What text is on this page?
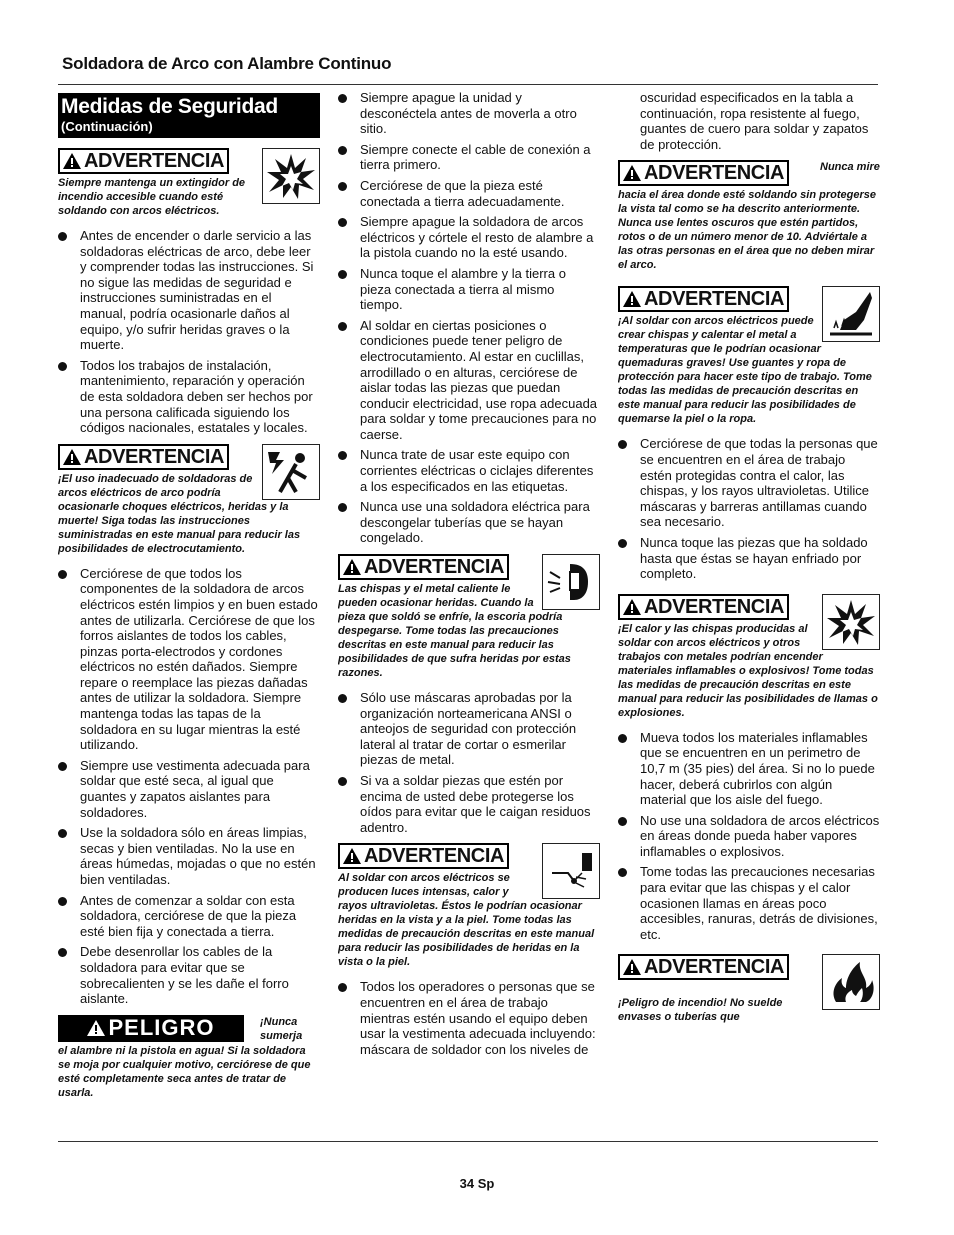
Soldadora de Arco con Alambre Continuo
Medidas de Seguridad
(Continuación)
ADVERTENCIA
Siempre mantenga un extingidor de incendio accesible cuando esté soldando con arcos eléctricos.
Antes de encender o darle servicio a las soldadoras eléctricas de arco, debe leer y comprender todas las instrucciones. Si no sigue las medidas de seguridad e instrucciones suministradas en el manual, podría ocasionarle daños al equipo, y/o sufrir heridas graves o la muerte.
Todos los trabajos de instalación, mantenimiento, reparación y operación de esta soldadora deben ser hechos por una persona calificada siguiendo los códigos nacionales, estatales y locales.
ADVERTENCIA
¡El uso inadecuado de soldadoras de arcos eléctricos de arco podría ocasionarle choques eléctricos, heridas y la muerte! Siga todas las instrucciones suministradas en este manual para reducir las posibilidades de electrocutamiento.
Cerciórese de que todos los componentes de la soldadora de arcos eléctricos estén limpios y en buen estado antes de utilizarla. Cerciórese de que los forros aislantes de todos los cables, pinzas porta-electrodos y cordones eléctricos no estén dañados. Siempre repare o reemplace las piezas dañadas antes de utilizar la soldadora. Siempre mantenga todas las tapas de la soldadora en su lugar mientras la esté utilizando.
Siempre use vestimenta adecuada para soldar que esté seca, al igual que guantes y zapatos aislantes para soldadores.
Use la soldadora sólo en áreas limpias, secas y bien ventiladas. No la use en áreas húmedas, mojadas o que no estén bien ventiladas.
Antes de comenzar a soldar con esta soldadora, cerciórese de que la pieza esté bien fija y conectada a tierra.
Debe desenrollar los cables de la soldadora para evitar que se sobrecalienten y se les dañe el forro aislante.
¡Nunca sumerja
PELIGRO
el alambre ni la pistola en agua! Si la soldadora se moja por cualquier motivo, cerciórese de que esté completamente seca antes de tratar de usarla.
Siempre apague la unidad y desconéctela antes de moverla a otro sitio.
Siempre conecte el cable de conexión a tierra primero.
Cerciórese de que la pieza esté conectada a tierra adecuadamente.
Siempre apague la soldadora de arcos eléctricos y córtele el resto de alambre a la pistola cuando no la esté usando.
Nunca toque el alambre y la tierra o pieza conectada a tierra al mismo tiempo.
Al soldar en ciertas posiciones o condiciones puede tener peligro de electrocutamiento. Al estar en cuclillas, arrodillado o en alturas, cerciórese de aislar todas las piezas que puedan conducir electricidad, use ropa adecuada para soldar y tome precauciones para no caerse.
Nunca trate de usar este equipo con corrientes eléctricas o ciclajes diferentes a los especificados en las etiquetas.
Nunca use una soldadora eléctrica para descongelar tuberías que se hayan congelado.
ADVERTENCIA
Las chispas y el metal caliente le pueden ocasionar heridas. Cuando la pieza que soldó se enfríe, la escoria podría despegarse. Tome todas las precauciones descritas en este manual para reducir las posibilidades de que sufra heridas por estas razones.
Sólo use máscaras aprobadas por la organización norteamericana ANSI o anteojos de seguridad con protección lateral al tratar de cortar o esmerilar piezas de metal.
Si va a soldar piezas que estén por encima de usted debe protegerse los oídos para evitar que le caigan residuos adentro.
ADVERTENCIA
Al soldar con arcos eléctricos se producen luces intensas, calor y rayos ultravioletas. Éstos le podrían ocasionar heridas en la vista y a la piel. Tome todas las medidas de precaución descritas en este manual para reducir las posibilidades de heridas en la vista o la piel.
Todos los operadores o personas que se encuentren en el área de trabajo mientras estén usando el equipo deben usar la vestimenta adecuada incluyendo: máscara de soldador con los niveles de
oscuridad especificados en la tabla a continuación, ropa resistente al fuego, guantes de cuero para soldar y zapatos de protección.
Nunca mire
ADVERTENCIA
hacia el área donde esté soldando sin protegerse la vista tal como se ha descrito anteriormente. Nunca use lentes oscuros que estén partidos, rotos o de un número menor de 10. Adviértale a las otras personas en el área que no deben mirar el arco.
ADVERTENCIA
¡Al soldar con arcos eléctricos puede crear chispas y calentar el metal a temperaturas que le podrían ocasionar quemaduras graves! Use guantes y ropa de protección para hacer este tipo de trabajo. Tome todas las medidas de precaución descritas en este manual para reducir las posibilidades de quemarse la piel o la ropa.
Cerciórese de que todas la personas que se encuentren en el área de trabajo estén protegidas contra el calor, las chispas, y los rayos ultravioletas. Utilice máscaras y barreras antillamas cuando sea necesario.
Nunca toque las piezas que ha soldado hasta que éstas se hayan enfriado por completo.
ADVERTENCIA
¡El calor y las chispas producidas al soldar con arcos eléctricos y otros trabajos con metales podrían encender materiales inflamables o explosivos! Tome todas las medidas de precaución descritas en este manual para reducir las posibilidades de llamas o explosiones.
Mueva todos los materiales inflamables que se encuentren en un perimetro de 10,7 m (35 pies) del área. Si no lo puede hacer, deberá cubrirlos con algún material que los aisle del fuego.
No use una soldadora de arcos eléctricos en áreas donde pueda haber vapores inflamables o explosivos.
Tome todas las precauciones necesarias para evitar que las chispas y el calor ocasionen llamas en áreas poco accesibles, ranuras, detrás de divisiones, etc.
ADVERTENCIA
¡Peligro de incendio! No suelde envases o tuberías que
34 Sp
